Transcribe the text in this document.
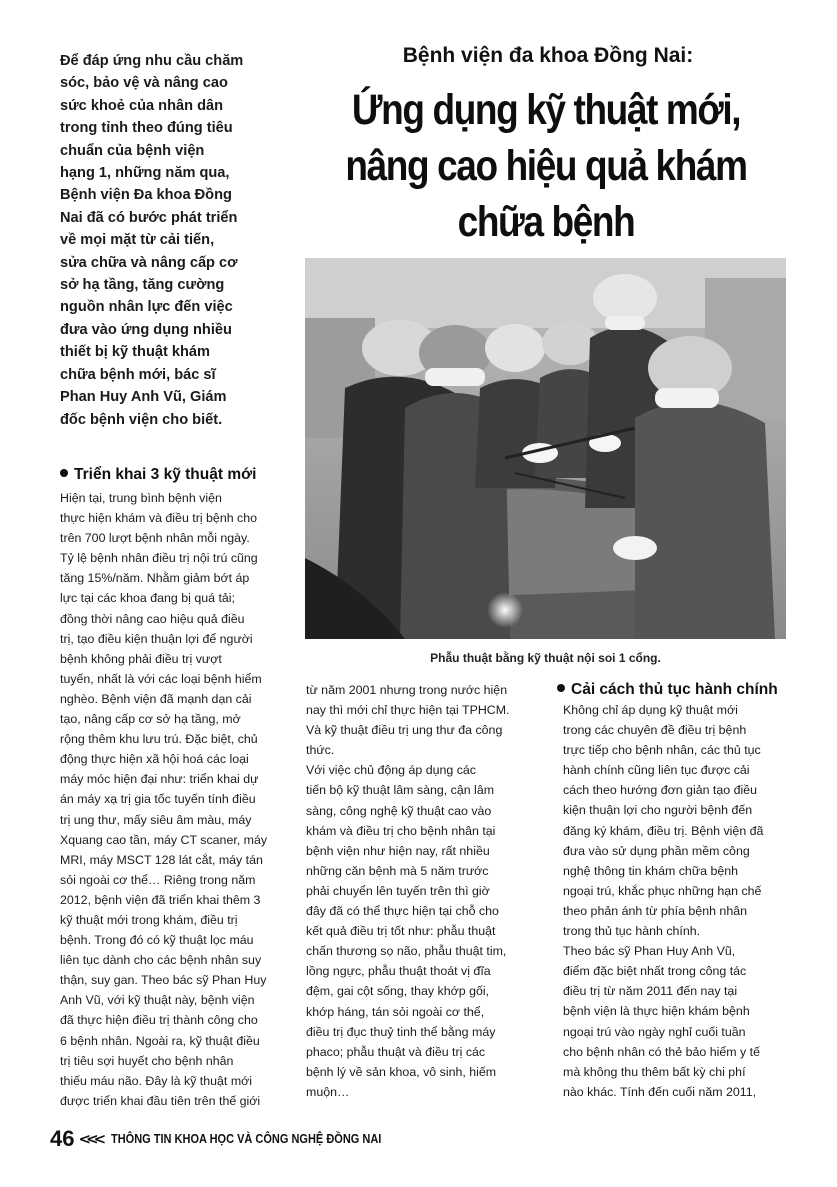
Để đáp ứng nhu cầu chăm
sóc, bảo vệ và nâng cao
sức khoẻ của nhân dân
trong tỉnh theo đúng tiêu
chuẩn của bệnh viện
hạng 1, những năm qua,
Bệnh viện Đa khoa Đồng
Nai đã có bước phát triển
về mọi mặt từ cải tiến,
sửa chữa và nâng cấp cơ
sở hạ tầng, tăng cường
nguồn nhân lực đến việc
đưa vào ứng dụng nhiều
thiết bị kỹ thuật khám
chữa bệnh mới, bác sĩ
Phan Huy Anh Vũ, Giám
đốc bệnh viện cho biết.
Bệnh viện đa khoa Đồng Nai:
Ứng dụng kỹ thuật mới,
nâng cao hiệu quả khám
chữa bệnh
Phẫu thuật bằng kỹ thuật nội soi 1 cổng.
Triển khai 3 kỹ thuật mới
Hiện tại, trung bình bệnh viện
thực hiện khám và điều trị bệnh cho
trên 700 lượt bệnh nhân mỗi ngày.
Tỷ lệ bệnh nhân điều trị nội trú cũng
tăng 15%/năm. Nhằm giảm bớt áp
lực tại các khoa đang bị quá tải;
đồng thời nâng cao hiệu quả điều
trị, tạo điều kiện thuận lợi để người
bệnh không phải điều trị vượt
tuyến, nhất là với các loại bệnh hiểm
nghèo. Bệnh viện đã mạnh dạn cải
tạo, nâng cấp cơ sở hạ tầng, mở
rộng thêm khu lưu trú. Đặc biệt, chủ
động thực hiện xã hội hoá các loại
máy móc hiện đại như: triển khai dự
án máy xạ trị gia tốc tuyến tính điều
trị ung thư, mấy siêu âm màu, máy
Xquang cao tần, máy CT scaner, máy
MRI, máy MSCT 128 lát cắt, máy tán
sỏi ngoài cơ thể… Riêng trong năm
2012, bệnh viện đã triển khai thêm 3
kỹ thuật mới trong khám, điều trị
bệnh. Trong đó có kỹ thuật lọc máu
liên tục dành cho các bệnh nhân suy
thận, suy gan. Theo bác sỹ Phan Huy
Anh Vũ, với kỹ thuật này, bệnh viện
đã thực hiện điều trị thành công cho
6 bệnh nhân. Ngoài ra, kỹ thuật điều
trị tiêu sợi huyết cho bệnh nhân
thiếu máu não. Đây là kỹ thuật mới
được triển khai đầu tiên trên thế giới
từ năm 2001 nhưng trong nước hiện
nay thì mới chỉ thực hiện tại TPHCM.
Và kỹ thuật điều trị ung thư đa công
thức.
Với việc chủ động áp dụng các
tiến bộ kỹ thuật lâm sàng, cận lâm
sàng, công nghệ kỹ thuật cao vào
khám và điều trị cho bệnh nhân tại
bệnh viện như hiện nay, rất nhiều
những căn bệnh mà 5 năm trước
phải chuyển lên tuyến trên thì giờ
đây đã có thể thực hiện tại chỗ cho
kết quả điều trị tốt như: phẫu thuật
chấn thương sọ não, phẫu thuật tim,
lồng ngực, phẫu thuật thoát vị đĩa
đệm, gai cột sống, thay khớp gối,
khớp háng, tán sỏi ngoài cơ thể,
điều trị đục thuỷ tinh thể bằng máy
phaco; phẫu thuật và điều trị các
bệnh lý về sản khoa, vô sinh, hiếm
muộn…
Cải cách thủ tục hành chính
Không chỉ áp dụng kỹ thuật mới
trong các chuyên đề điều trị bệnh
trực tiếp cho bệnh nhân, các thủ tục
hành chính cũng liên tục được cải
cách theo hướng đơn giản tạo điều
kiện thuận lợi cho người bệnh đến
đăng ký khám, điều trị. Bệnh viện đã
đưa vào sử dụng phần mềm công
nghệ thông tin khám chữa bệnh
ngoại trú, khắc phục những hạn chế
theo phản ánh từ phía bệnh nhân
trong thủ tục hành chính.
Theo bác sỹ Phan Huy Anh Vũ,
điểm đặc biệt nhất trong công tác
điều trị từ năm 2011 đến nay tại
bệnh viện là thực hiện khám bệnh
ngoại trú vào ngày nghỉ cuối tuần
cho bệnh nhân có thẻ bảo hiểm y tế
mà không thu thêm bất kỳ chi phí
nào khác. Tính đến cuối năm 2011,
46 <<< THÔNG TIN KHOA HỌC VÀ CÔNG NGHỆ ĐỒNG NAI
